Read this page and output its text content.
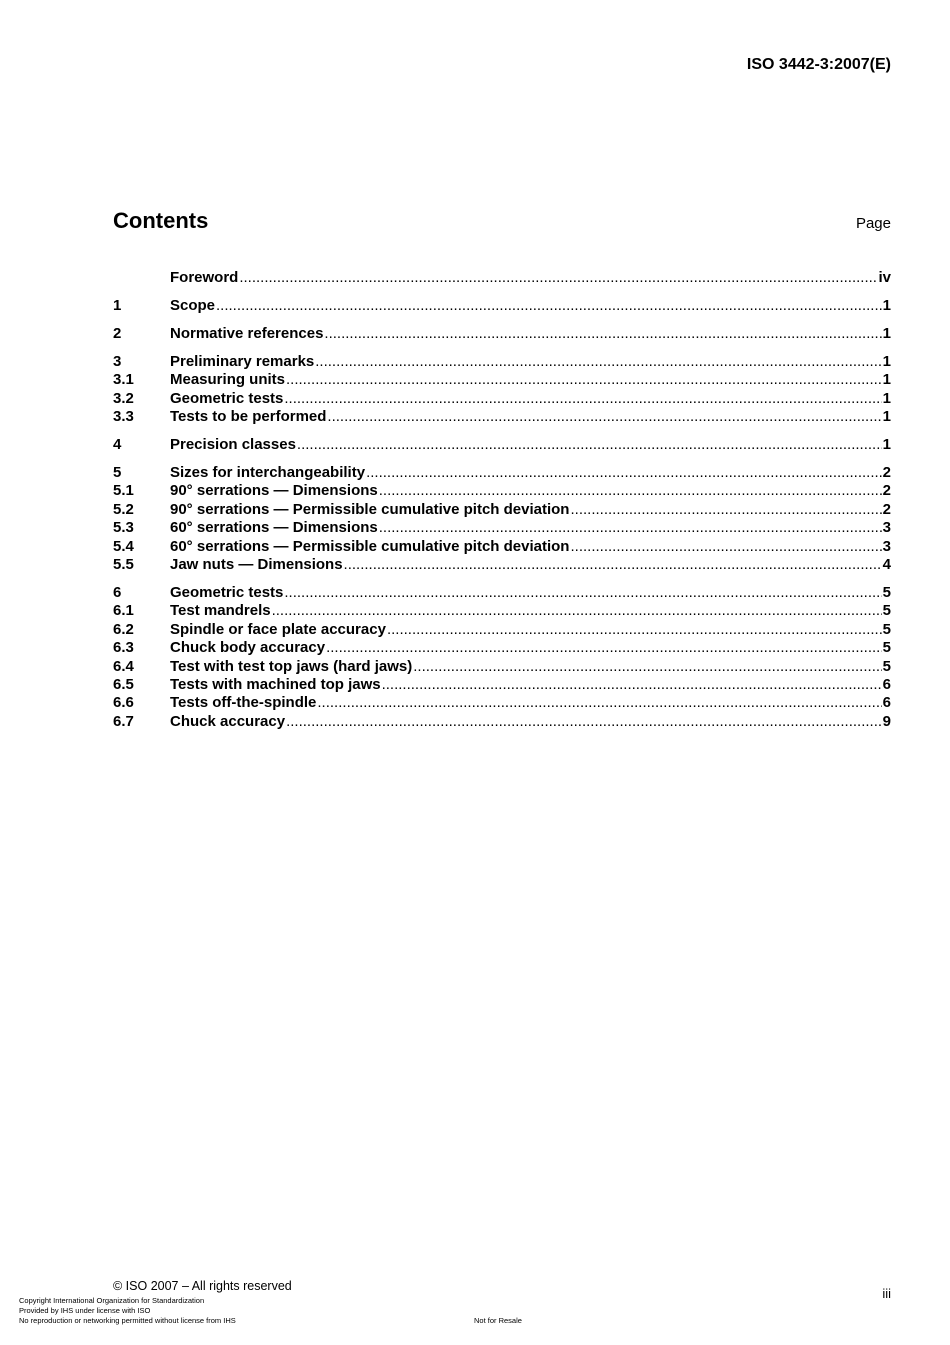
ISO 3442-3:2007(E)
Contents	Page
Foreword .....	iv
1	Scope .....	1
2	Normative references .....	1
3	Preliminary remarks .....	1
3.1	Measuring units .....	1
3.2	Geometric tests .....	1
3.3	Tests to be performed .....	1
4	Precision classes .....	1
5	Sizes for interchangeability .....	2
5.1	90° serrations — Dimensions .....	2
5.2	90° serrations — Permissible cumulative pitch deviation .....	2
5.3	60° serrations — Dimensions .....	3
5.4	60° serrations — Permissible cumulative pitch deviation .....	3
5.5	Jaw nuts — Dimensions .....	4
6	Geometric tests .....	5
6.1	Test mandrels .....	5
6.2	Spindle or face plate accuracy .....	5
6.3	Chuck body accuracy .....	5
6.4	Test with test top jaws (hard jaws) .....	5
6.5	Tests with machined top jaws .....	6
6.6	Tests off-the-spindle .....	6
6.7	Chuck accuracy .....	9
© ISO 2007 – All rights reserved	iii
Copyright International Organization for Standardization
Provided by IHS under license with ISO
No reproduction or networking permitted without license from IHS	Not for Resale
